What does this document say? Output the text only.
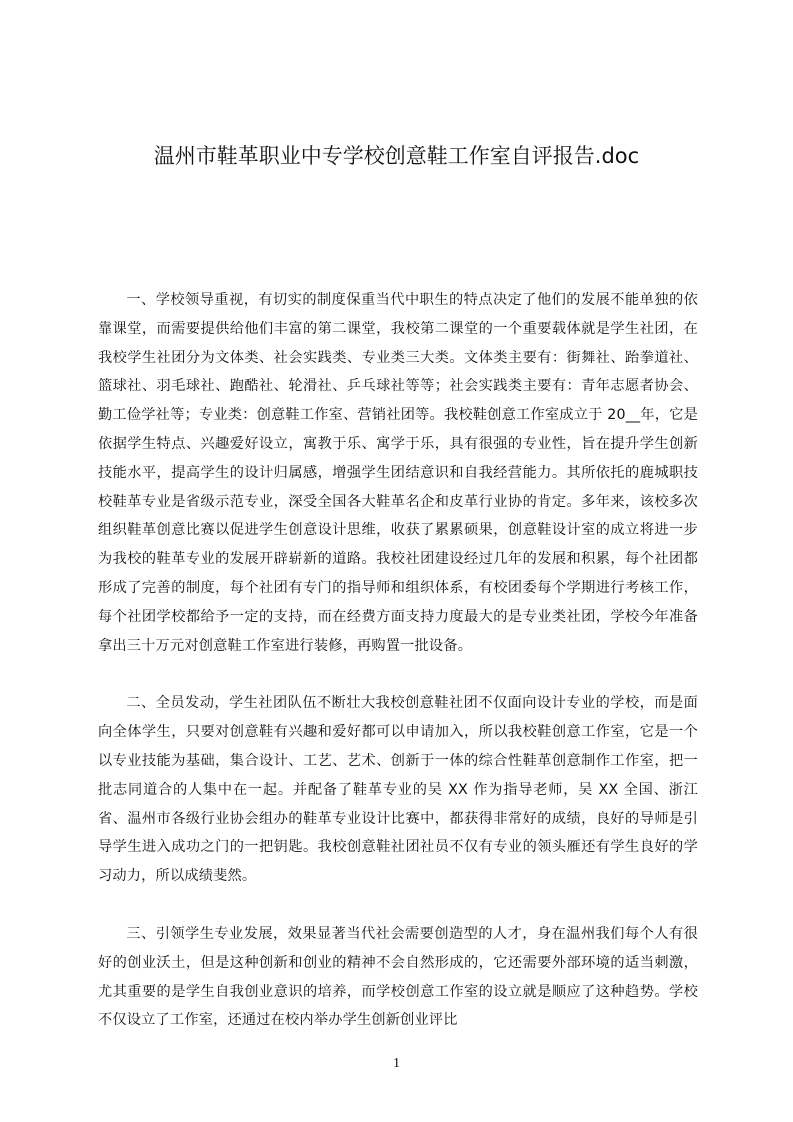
温州市鞋革职业中专学校创意鞋工作室自评报告.doc

一、学校领导重视，有切实的制度保重当代中职生的特点决定了他们的发展不能单独的依靠课堂，而需要提供给他们丰富的第二课堂，我校第二课堂的一个重要载体就是学生社团，在我校学生社团分为文体类、社会实践类、专业类三大类。文体类主要有：街舞社、跆拳道社、篮球社、羽毛球社、跑酷社、轮滑社、乒乓球社等等；社会实践类主要有：青年志愿者协会、勤工俭学社等；专业类：创意鞋工作室、营销社团等。我校鞋创意工作室成立于 20__年，它是依据学生特点、兴趣爱好设立，寓教于乐、寓学于乐，具有很强的专业性，旨在提升学生创新技能水平，提高学生的设计归属感，增强学生团结意识和自我经营能力。其所依托的鹿城职技校鞋革专业是省级示范专业，深受全国各大鞋革名企和皮革行业协的肯定。多年来，该校多次组织鞋革创意比赛以促进学生创意设计思维，收获了累累硕果，创意鞋设计室的成立将进一步为我校的鞋革专业的发展开辟崭新的道路。我校社团建设经过几年的发展和积累，每个社团都形成了完善的制度，每个社团有专门的指导师和组织体系，有校团委每个学期进行考核工作，每个社团学校都给予一定的支持，而在经费方面支持力度最大的是专业类社团，学校今年准备拿出三十万元对创意鞋工作室进行装修，再购置一批设备。

二、全员发动，学生社团队伍不断壮大我校创意鞋社团不仅面向设计专业的学校，而是面向全体学生，只要对创意鞋有兴趣和爱好都可以申请加入，所以我校鞋创意工作室，它是一个以专业技能为基础，集合设计、工艺、艺术、创新于一体的综合性鞋革创意制作工作室，把一批志同道合的人集中在一起。并配备了鞋革专业的吴 XX 作为指导老师，吴 XX 全国、浙江省、温州市各级行业协会组办的鞋革专业设计比赛中，都获得非常好的成绩，良好的导师是引导学生进入成功之门的一把钥匙。我校创意鞋社团社员不仅有专业的领头雁还有学生良好的学习动力，所以成绩斐然。

三、引领学生专业发展，效果显著当代社会需要创造型的人才，身在温州我们每个人有很好的创业沃土，但是这种创新和创业的精神不会自然形成的，它还需要外部环境的适当刺激，尤其重要的是学生自我创业意识的培养，而学校创意工作室的设立就是顺应了这种趋势。学校不仅设立了工作室，还通过在校内举办学生创新创业评比

1
